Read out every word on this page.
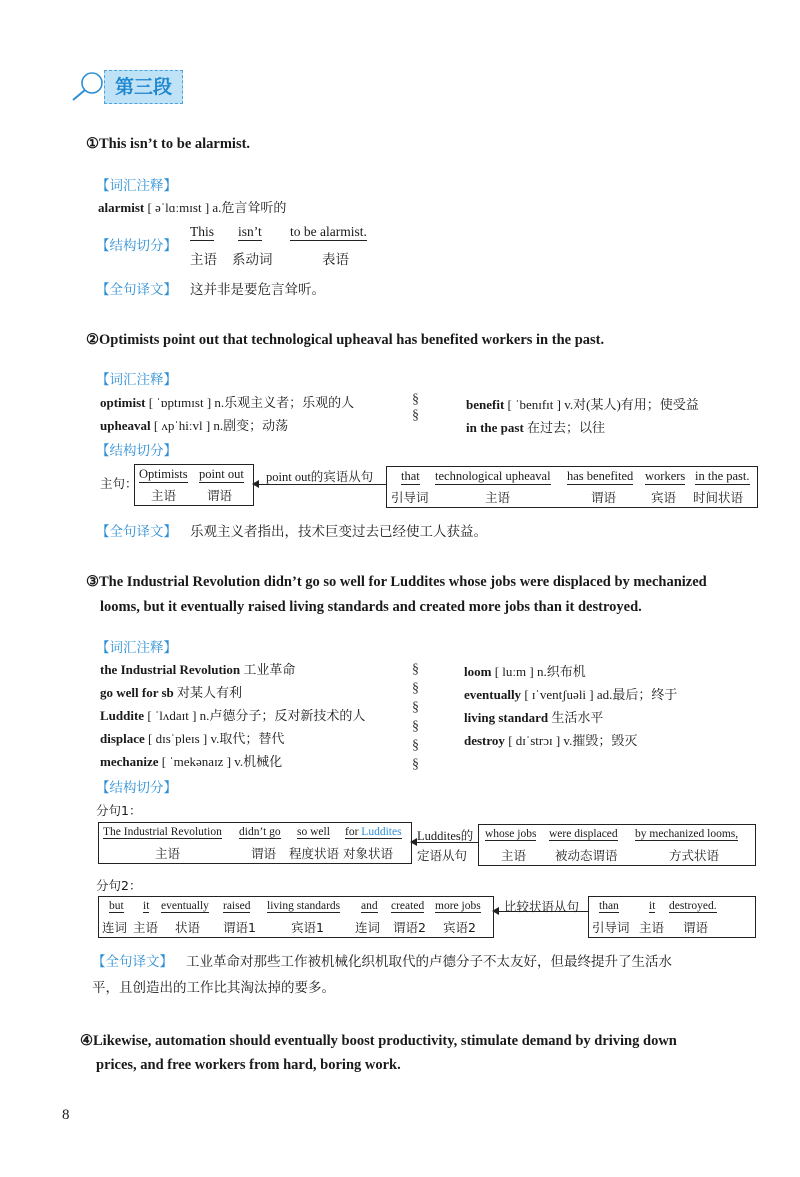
第三段
①This isn’t to be alarmist.
【词汇注释】
alarmist [ əˈlɑːmɪst ] a.危言耸听的
【结构切分】
This
主语
isn’t
系动词
to be alarmist.
表语
【全句译文】 这并非是要危言耸听。
②Optimists point out that technological upheaval has benefited workers in the past.
【词汇注释】
optimist [ ˈɒptɪmɪst ] n.乐观主义者；乐观的人
upheaval [ ʌpˈhiːvl ] n.剧变；动荡
§
§
benefit [ ˈbenɪfɪt ] v.对(某人)有用；使受益
in the past 在过去；以往
【结构切分】
主句：
Optimists
主语
point out
谓语
point out的宾语从句 that
引导词
technological upheaval
主语
has benefited
谓语
workers
宾语
in the past.
时间状语
【全句译文】 乐观主义者指出，技术巨变过去已经使工人获益。
③The Industrial Revolution didn’t go so well for Luddites whose jobs were displaced by mechanized
looms, but it eventually raised living standards and created more jobs than it destroyed.
【词汇注释】
the Industrial Revolution 工业革命
go well for sb 对某人有利
Luddite [ ˈlʌdaɪt ] n.卢德分子；反对新技术的人
displace [ dɪsˈpleɪs ] v.取代；替代
mechanize [ ˈmekənaɪz ] v.机械化
§
§
§
§
§
§
loom [ luːm ] n.织布机
eventually [ ɪˈventʃuəli ] ad.最后；终于
living standard 生活水平
destroy [ dɪˈstrɔɪ ] v.摧毁；毁灭
【结构切分】
分句1：
The Industrial Revolution
主语
didn’t go
谓语
so well
程度状语
for Luddites
对象状语
Luddites的
定语从句
whose jobs
主语
were displaced
被动态谓语
by mechanized looms,
方式状语
分句2：
but
连词
it
主语
eventually
状语
raised
谓语1
living standards
宾语1
and
连词
created
谓语2
more jobs
宾语2
比较状语从句 than
引导词
it
主语
destroyed.
谓语
【全句译文】 工业革命对那些工作被机械化织机取代的卢德分子不太友好，但最终提升了生活水
平，且创造出的工作比其淘汰掉的要多。
④Likewise, automation should eventually boost productivity, stimulate demand by driving down
prices, and free workers from hard, boring work.
8
